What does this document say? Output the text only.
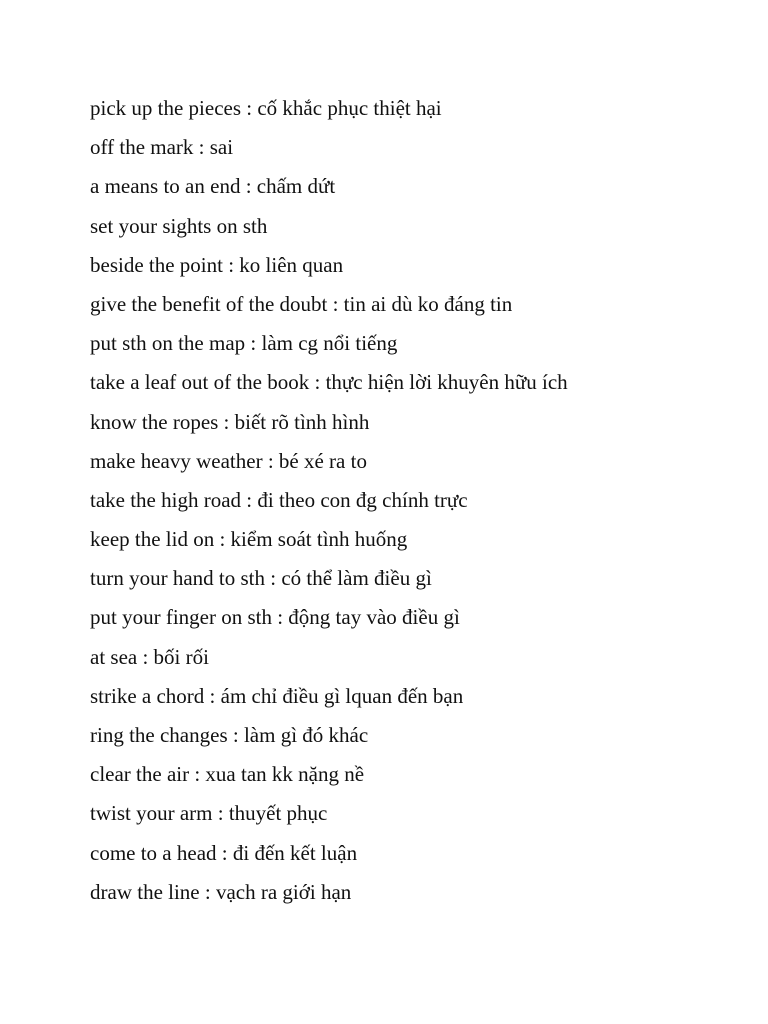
pick up the pieces : cố khắc phục thiệt hại
off the mark : sai
a means to an end : chấm dứt
set your sights on sth
beside the point : ko liên quan
give the benefit of the doubt : tin ai dù ko đáng tin
put sth on the map : làm cg nổi tiếng
take a leaf out of the book : thực hiện lời khuyên hữu ích
know the ropes : biết rõ tình hình
make heavy weather : bé xé ra to
take the high road : đi theo con đg chính trực
keep the lid on : kiểm soát tình huống
turn your hand to sth : có thể làm điều gì
put your finger on sth : động tay vào điều gì
at sea : bối rối
strike a chord : ám chỉ điều gì lquan đến bạn
ring the changes : làm gì đó khác
clear the air : xua tan kk nặng nề
twist your arm : thuyết phục
come to a head : đi đến kết luận
draw the line : vạch ra giới hạn
